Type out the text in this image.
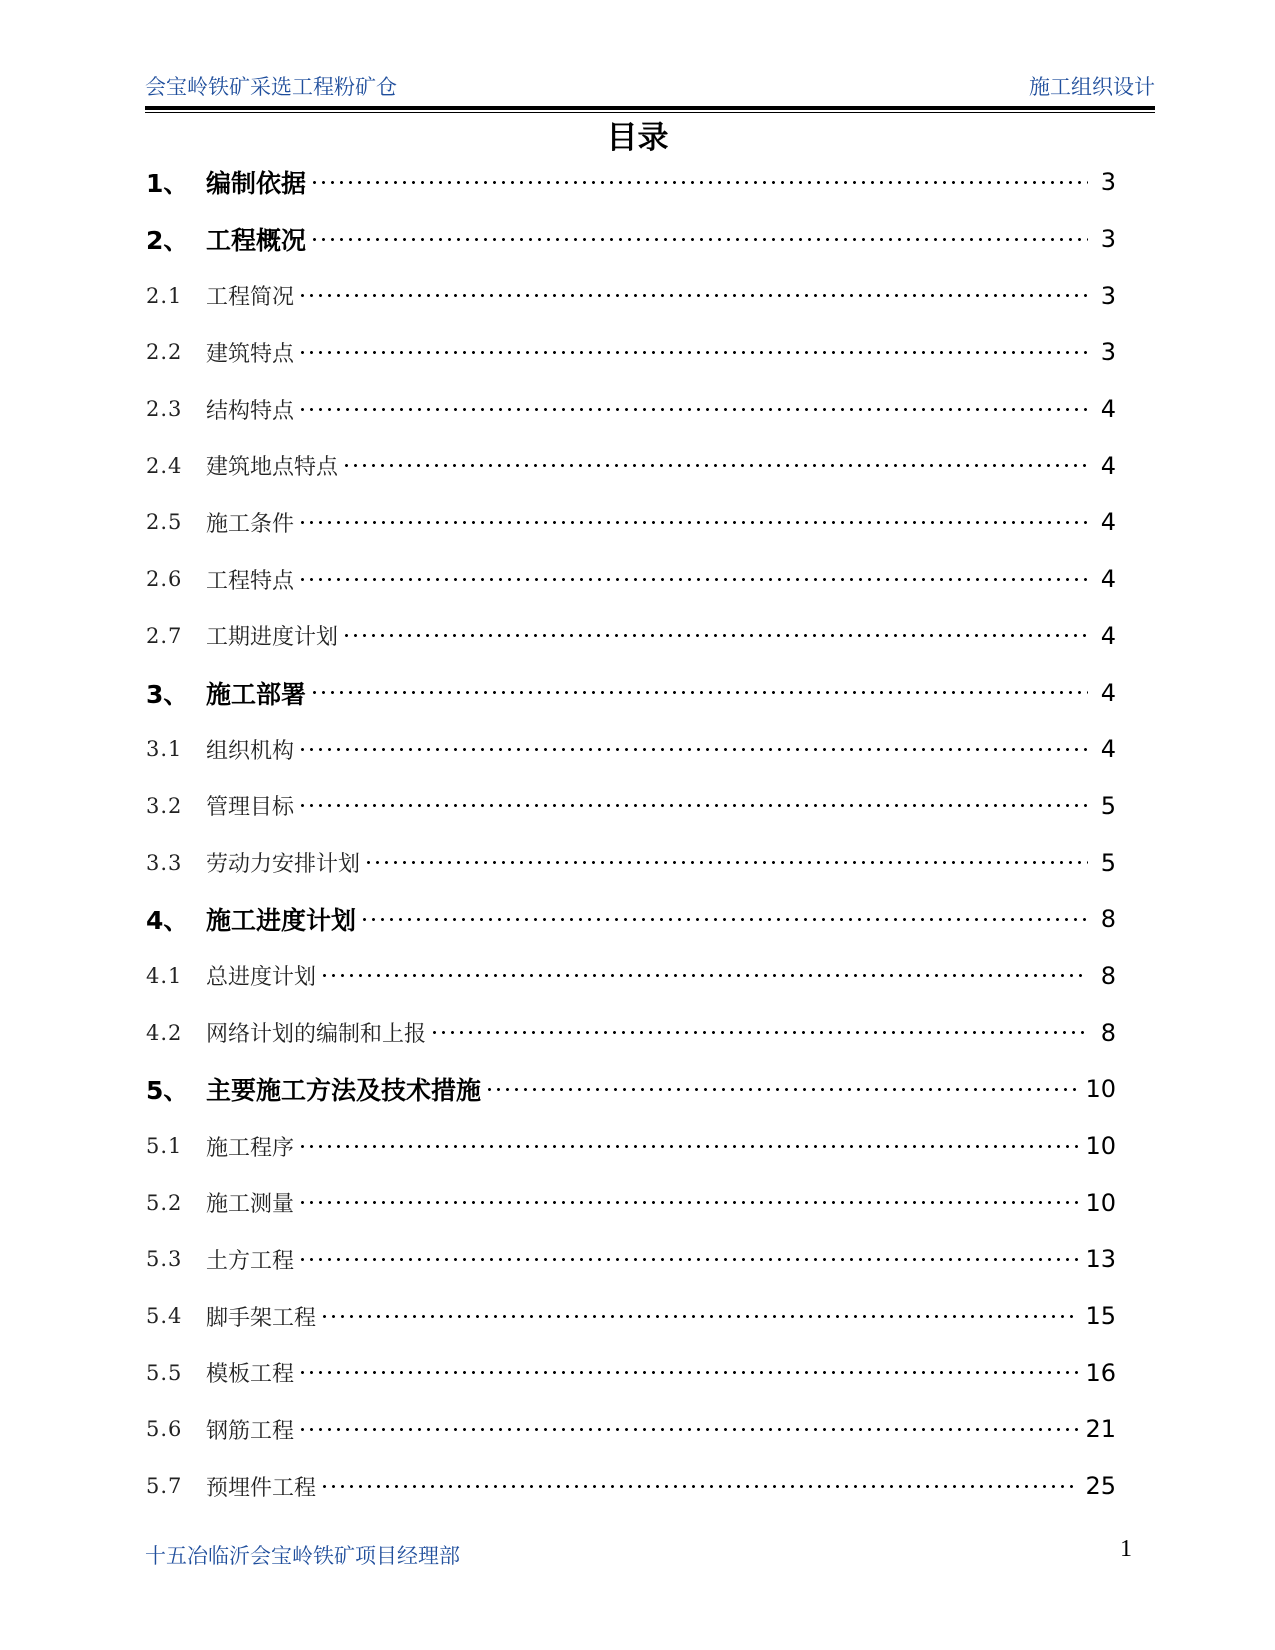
会宝岭铁矿采选工程粉矿仓	施工组织设计
目录
1、 编制依据	3
2、 工程概况	3
2.1	工程简况	3
2.2	建筑特点	3
2.3	结构特点	4
2.4	建筑地点特点	4
2.5	施工条件	4
2.6	工程特点	4
2.7	工期进度计划	4
3、 施工部署	4
3.1	组织机构	4
3.2	管理目标	5
3.3	劳动力安排计划	5
4、 施工进度计划	8
4.1	总进度计划	8
4.2	网络计划的编制和上报	8
5、 主要施工方法及技术措施	10
5.1	施工程序	10
5.2	施工测量	10
5.3	土方工程	13
5.4	脚手架工程	15
5.5	模板工程	16
5.6	钢筋工程	21
5.7	预埋件工程	25
十五冶临沂会宝岭铁矿项目经理部	1
